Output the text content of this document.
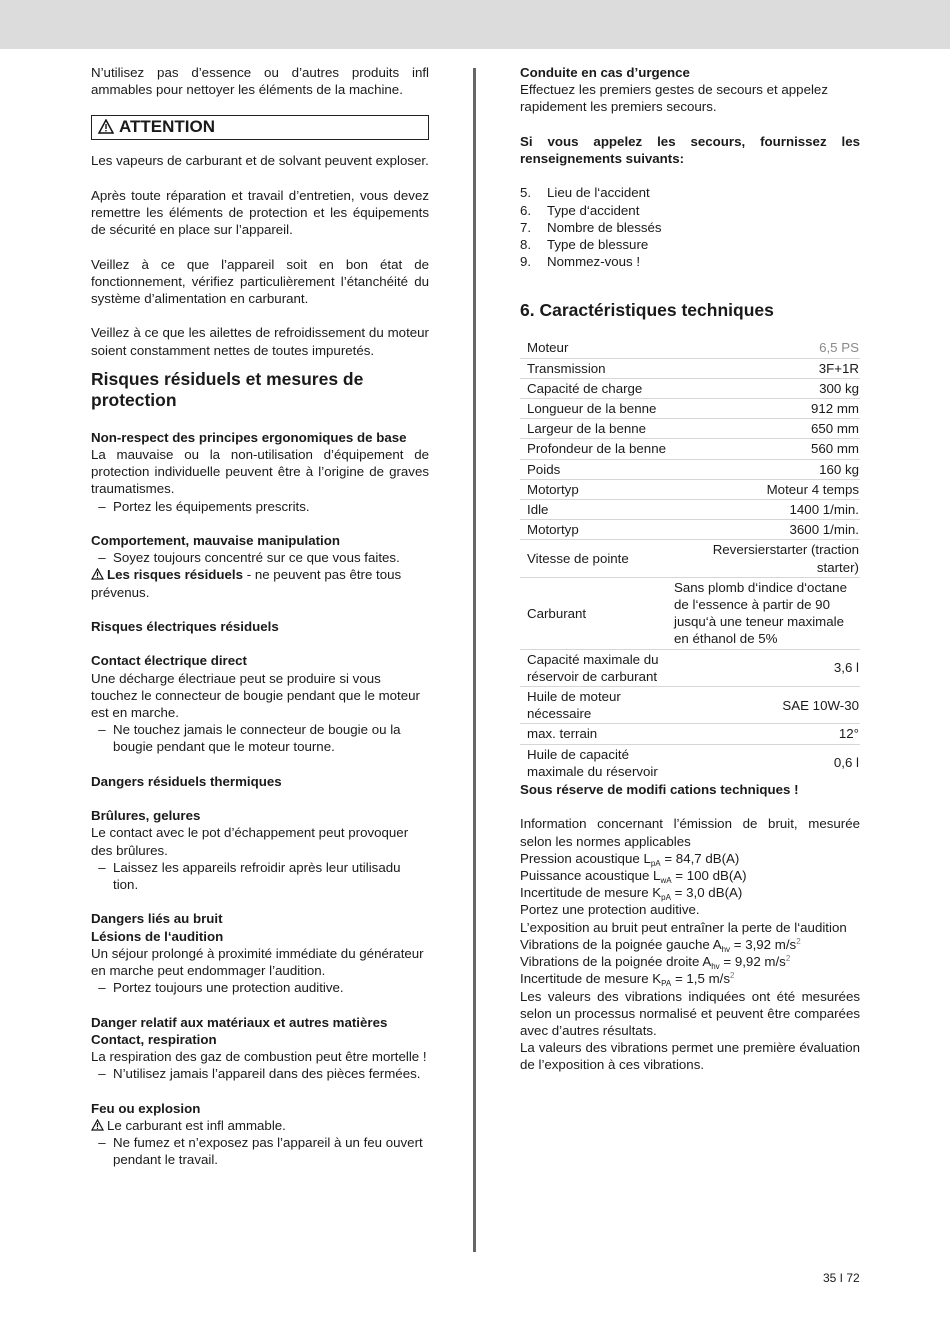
N’utilisez pas d’essence ou d’autres produits infl ammables pour nettoyer les éléments de la machine.

ATTENTION

Les vapeurs de carburant et de solvant peuvent exploser.

Après toute réparation et travail d’entretien, vous devez remettre les éléments de protection et les équipements de sécurité en place sur l’appareil.

Veillez à ce que l’appareil soit en bon état de fonctionnement, vérifiez particulièrement l’étanchéité du système d’alimentation en carburant.

Veillez à ce que les ailettes de refroidissement du moteur soient constamment nettes de toutes impuretés.

Risques résiduels et mesures de protection

Non-respect des principes ergonomiques de base

La mauvaise ou la non-utilisation d’équipement de protection individuelle peuvent être à l’origine de graves traumatismes.

– Portez les équipements prescrits.

Comportement, mauvaise manipulation

– Soyez toujours concentré sur ce que vous faites.

Les risques résiduels - ne peuvent pas être tous prévenus.

Risques électriques résiduels

Contact électrique direct

Une décharge électriaue peut se produire si vous touchez le connecteur de bougie pendant que le moteur est en marche.

– Ne touchez jamais le connecteur de bougie ou la bougie pendant que le moteur tourne.

Dangers résiduels thermiques

Brûlures, gelures

Le contact avec le pot d’échappement peut provoquer des brûlures.

– Laissez les appareils refroidir après leur utilisadu tion.

Dangers liés au bruit

Lésions de l‘audition

Un séjour prolongé à proximité immédiate du générateur en marche peut endommager l’audition.

– Portez toujours une protection auditive.

Danger relatif aux matériaux et autres matières

Contact, respiration

La respiration des gaz de combustion peut être mortelle !

– N’utilisez jamais l’appareil dans des pièces fermées.

Feu ou explosion

Le carburant est infl ammable.

– Ne fumez et n’exposez pas l’appareil à un feu ouvert pendant le travail.

Conduite en cas d’urgence

Effectuez les premiers gestes de secours et appelez rapidement les premiers secours.

Si vous appelez les secours, fournissez les renseignements suivants:

5.	Lieu de l‘accident
6.	Type d‘accident
7.	Nombre de blessés
8.	Type de blessure
9.	Nommez-vous !

6. Caractéristiques techniques

Moteur	6,5 PS
Transmission	3F+1R
Capacité de charge	300 kg
Longueur de la benne	912 mm
Largeur de la benne	650 mm
Profondeur de la benne	560 mm
Poids	160 kg
Motortyp	Moteur 4 temps
Idle	1400 1/min.
Motortyp	3600 1/min.
Vitesse de pointe	Reversierstarter (traction starter)
Carburant	Sans plomb d‘indice d‘octane de l‘essence à partir de 90 jusqu‘à une teneur maximale en éthanol de 5%
Capacité maximale du réservoir de carburant	3,6 l
Huile de moteur nécessaire	SAE 10W-30
max. terrain	12°
Huile de capacité maximale du réservoir	0,6 l

Sous réserve de modifi cations techniques !

Information concernant l’émission de bruit, mesurée selon les normes applicables

Pression acoustique $L_{pA} = 84,7$ dB(A)

Puissance acoustique $L_{wA} = 100$ dB(A)

Incertitude de mesure $K_{pA} = 3,0$ dB(A)

Portez une protection auditive.

L’exposition au bruit peut entraîner la perte de l‘audition

Vibrations de la poignée gauche $A_{hv} = 3,92$ $m/s^2$

Vibrations de la poignée droite $A_{hv} = 9,92$ $m/s^2$

Incertitude de mesure $K_{PA} = 1,5$ $m/s^2$

Les valeurs des vibrations indiquées ont été mesurées selon un processus normalisé et peuvent être comparées avec d’autres résultats.

La valeurs des vibrations permet une première évaluation de l’exposition à ces vibrations.

35 I 72
